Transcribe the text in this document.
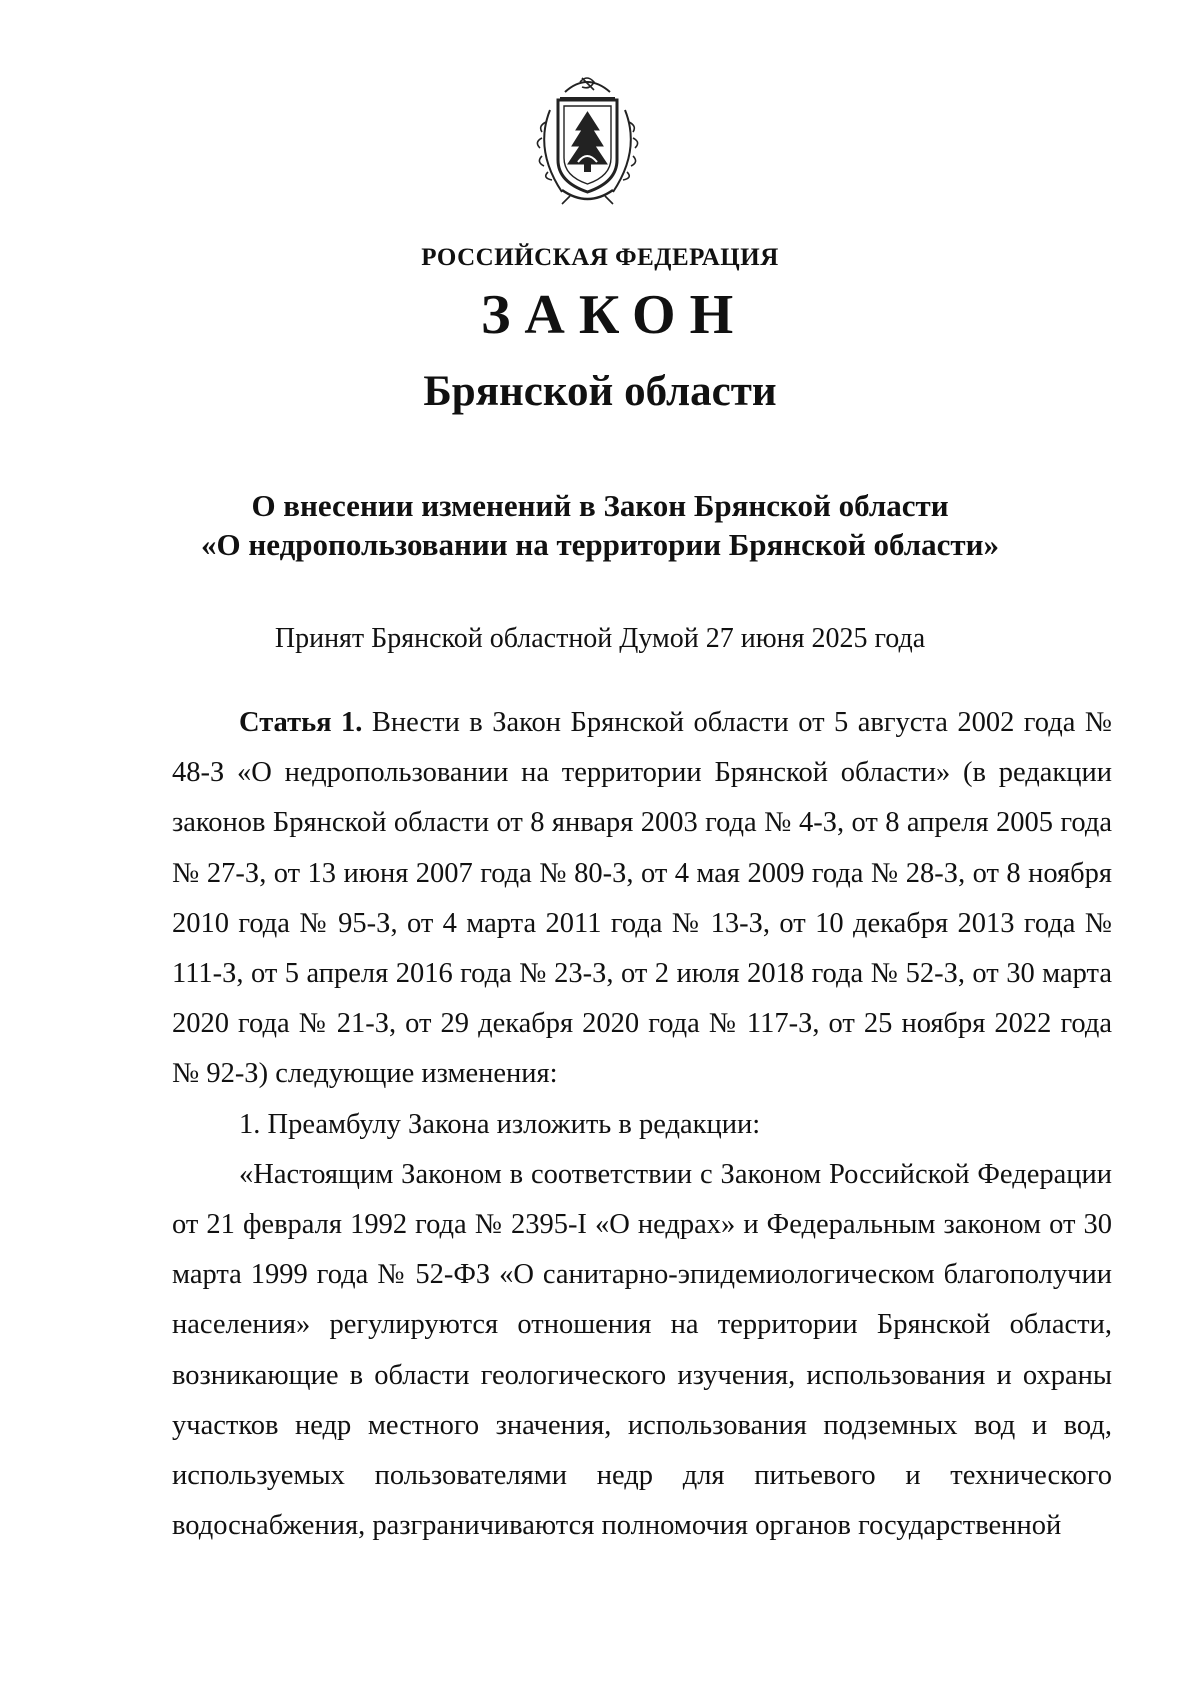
РОССИЙСКАЯ ФЕДЕРАЦИЯ
ЗАКОН
Брянской области
О внесении изменений в Закон Брянской области
«О недропользовании на территории Брянской области»
Принят Брянской областной Думой 27 июня 2025 года

Статья 1. Внести в Закон Брянской области от 5 августа 2002 года № 48-З «О недропользовании на территории Брянской области» (в редакции законов Брянской области от 8 января 2003 года № 4-З, от 8 апреля 2005 года № 27-З, от 13 июня 2007 года № 80-З, от 4 мая 2009 года № 28-З, от 8 ноября 2010 года № 95-З, от 4 марта 2011 года № 13-З, от 10 декабря 2013 года № 111-З, от 5 апреля 2016 года № 23-З, от 2 июля 2018 года № 52-З, от 30 марта 2020 года № 21-З, от 29 декабря 2020 года № 117-З, от 25 ноября 2022 года № 92-З) следующие изменения:

1. Преамбулу Закона изложить в редакции:

«Настоящим Законом в соответствии с Законом Российской Федерации от 21 февраля 1992 года № 2395-I «О недрах» и Федеральным законом от 30 марта 1999 года № 52-ФЗ «О санитарно-эпидемиологическом благополучии населения» регулируются отношения на территории Брянской области, возникающие в области геологического изучения, использования и охраны участков недр местного значения, использования подземных вод и вод, используемых пользователями недр для питьевого и технического водоснабжения, разграничиваются полномочия органов государственной
